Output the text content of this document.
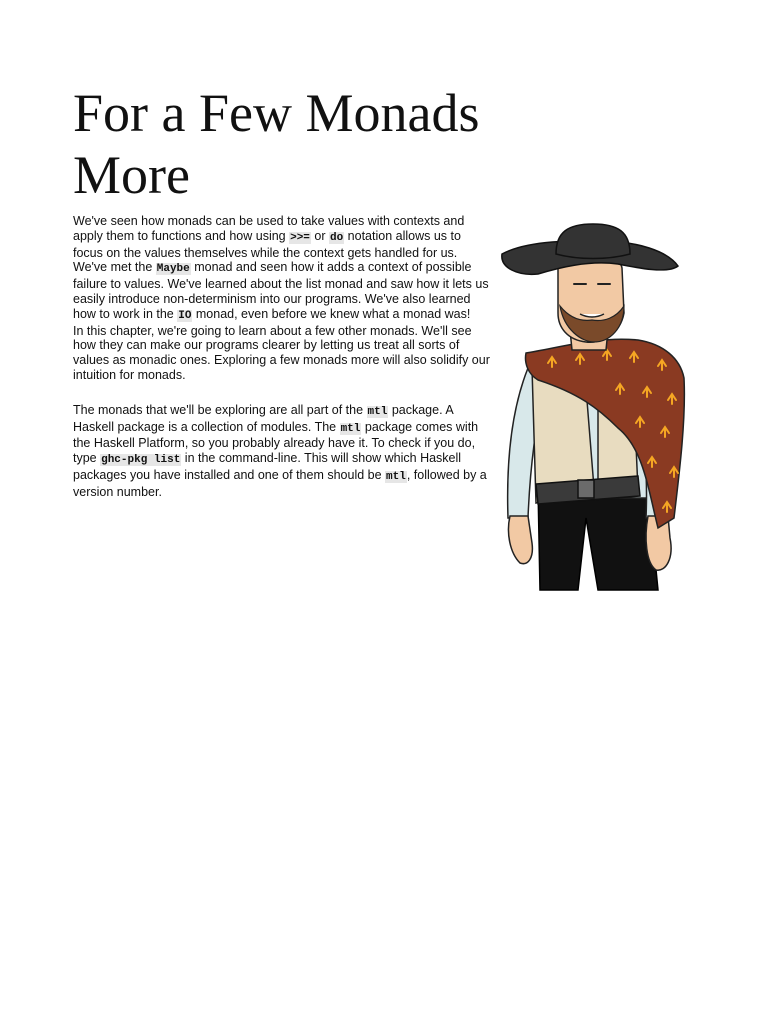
For a Few Monads More

We've seen how monads can be used to take values with contexts and apply them to functions and how using >>= or do notation allows us to focus on the values themselves while the context gets handled for us.

We've met the Maybe monad and seen how it adds a context of possible failure to values. We've learned about the list monad and saw how it lets us easily introduce non-determinism into our programs. We've also learned how to work in the IO monad, even before we knew what a monad was!

In this chapter, we're going to learn about a few other monads. We'll see how they can make our programs clearer by letting us treat all sorts of values as monadic ones. Exploring a few monads more will also solidify our intuition for monads.

The monads that we'll be exploring are all part of the mtl package. A Haskell package is a collection of modules. The mtl package comes with the Haskell Platform, so you probably already have it. To check if you do, type ghc-pkg list in the command-line. This will show which Haskell packages you have installed and one of them should be mtl, followed by a version number.
